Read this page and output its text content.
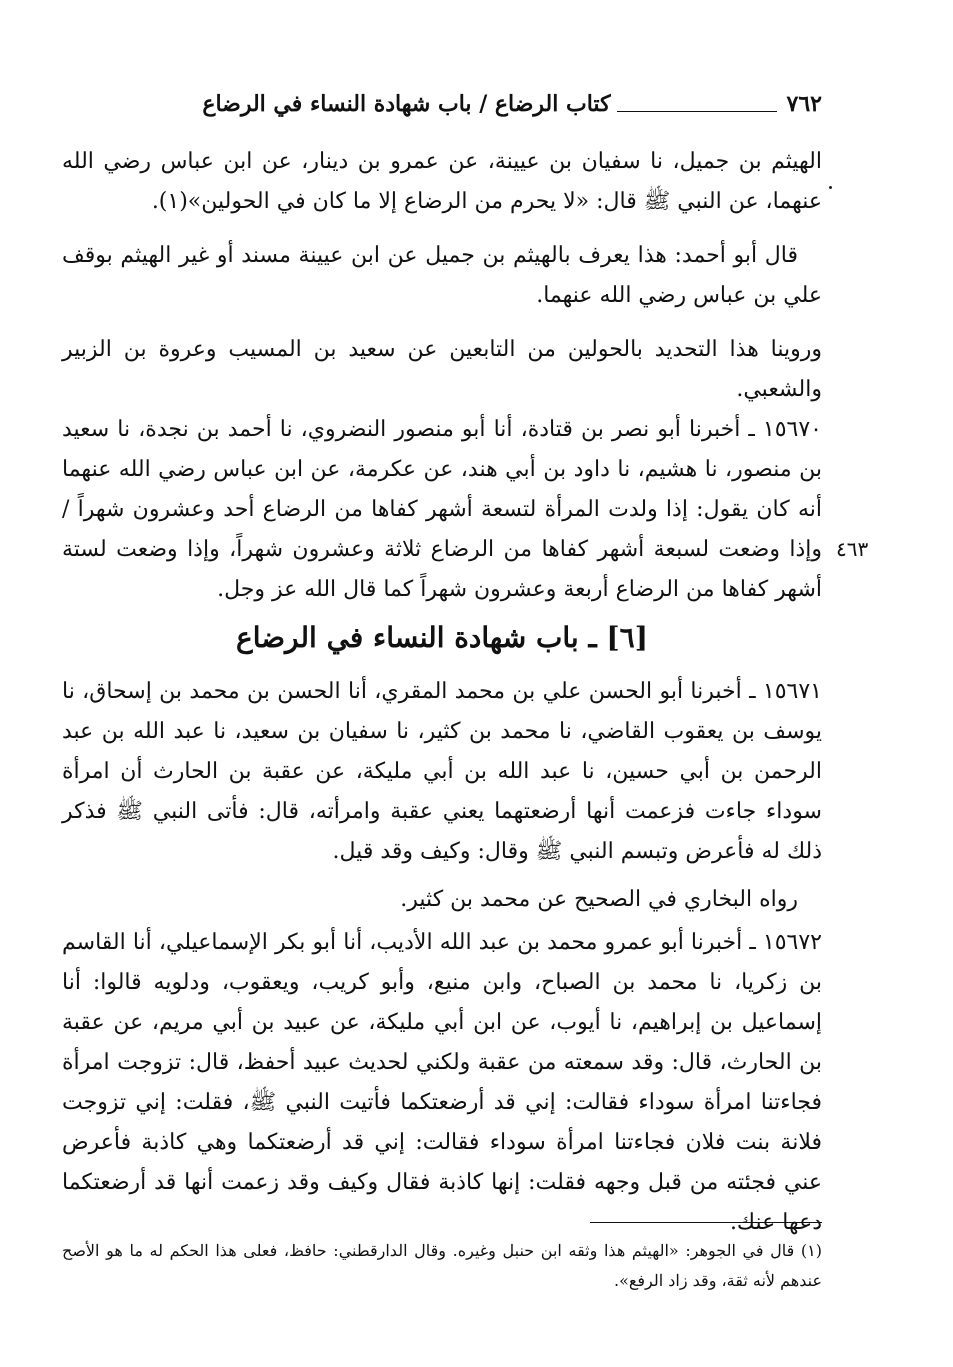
٧٦٢
كتاب الرضاع / باب شهادة النساء في الرضاع

الهيثم بن جميل، نا سفيان بن عيينة، عن عمرو بن دينار، عن ابن عباس رضي الله عنهما، عن النبي ﷺ قال: «لا يحرم من الرضاع إلا ما كان في الحولين»(١).

قال أبو أحمد: هذا يعرف بالهيثم بن جميل عن ابن عيينة مسند أو غير الهيثم بوقف علي بن عباس رضي الله عنهما.

وروينا هذا التحديد بالحولين من التابعين عن سعيد بن المسيب وعروة بن الزبير والشعبي.

١٥٦٧٠ ـ أخبرنا أبو نصر بن قتادة، أنا أبو منصور النضروي، نا أحمد بن نجدة، نا سعيد بن منصور، نا هشيم، نا داود بن أبي هند، عن عكرمة، عن ابن عباس رضي الله عنهما أنه كان يقول: إذا ولدت المرأة لتسعة أشهر كفاها من الرضاع أحد وعشرون شهراً / وإذا وضعت لسبعة أشهر كفاها من الرضاع ثلاثة وعشرون شهراً، وإذا وضعت لستة أشهر كفاها من الرضاع أربعة وعشرون شهراً كما قال الله عز وجل.

٤٦٣
[٦] ـ باب شهادة النساء في الرضاع

١٥٦٧١ ـ أخبرنا أبو الحسن علي بن محمد المقري، أنا الحسن بن محمد بن إسحاق، نا يوسف بن يعقوب القاضي، نا محمد بن كثير، نا سفيان بن سعيد، نا عبد الله بن عبد الرحمن بن أبي حسين، نا عبد الله بن أبي مليكة، عن عقبة بن الحارث أن امرأة سوداء جاءت فزعمت أنها أرضعتهما يعني عقبة وامرأته، قال: فأتى النبي ﷺ فذكر ذلك له فأعرض وتبسم النبي ﷺ وقال: وكيف وقد قيل.

رواه البخاري في الصحيح عن محمد بن كثير.

١٥٦٧٢ ـ أخبرنا أبو عمرو محمد بن عبد الله الأديب، أنا أبو بكر الإسماعيلي، أنا القاسم بن زكريا، نا محمد بن الصباح، وابن منيع، وأبو كريب، ويعقوب، ودلويه قالوا: أنا إسماعيل بن إبراهيم، نا أيوب، عن ابن أبي مليكة، عن عبيد بن أبي مريم، عن عقبة بن الحارث، قال: وقد سمعته من عقبة ولكني لحديث عبيد أحفظ، قال: تزوجت امرأة فجاءتنا امرأة سوداء فقالت: إني قد أرضعتكما فأتيت النبي ﷺ، فقلت: إني تزوجت فلانة بنت فلان فجاءتنا امرأة سوداء فقالت: إني قد أرضعتكما وهي كاذبة فأعرض عني فجئته من قبل وجهه فقلت: إنها كاذبة فقال وكيف وقد زعمت أنها قد أرضعتكما دعها عنك.

(١) قال في الجوهر: «الهيثم هذا وثقه ابن حنبل وغيره. وقال الدارقطني: حافظ، فعلى هذا الحكم له ما هو الأصح عندهم لأنه ثقة، وقد زاد الرفع».
